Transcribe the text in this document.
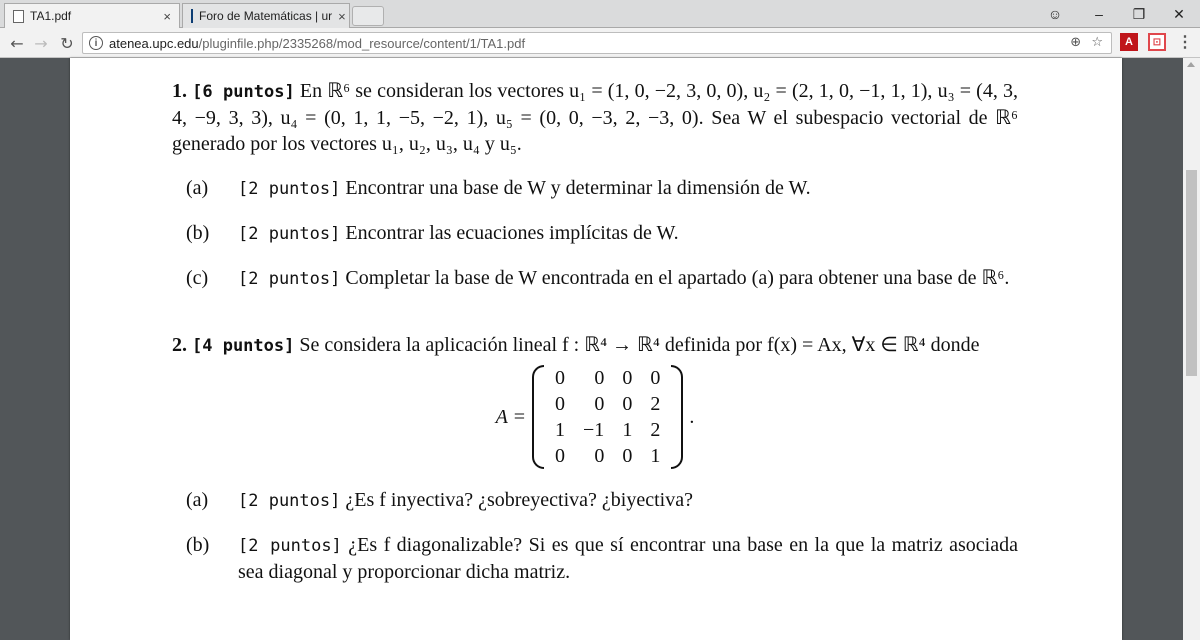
TA1.pdf	× Foro de Matemáticas | ur ×	☺	–	❐	✕
← → ↻	i atenea.upc.edu /pluginfile.php/2335268/mod_resource/content/1/TA1.pdf	⊕ ☆	A	⊡ ⋮
1. [6 puntos] En ℝ⁶ se consideran los vectores u₁ = (1, 0, −2, 3, 0, 0), u₂ = (2, 1, 0, −1, 1, 1), u₃ = (4, 3, 4, −9, 3, 3), u₄ = (0, 1, 1, −5, −2, 1), u₅ = (0, 0, −3, 2, −3, 0). Sea W el subespacio vectorial de ℝ⁶ generado por los vectores u₁, u₂, u₃, u₄ y u₅.
(a)	[2 puntos] Encontrar una base de W y determinar la dimensión de W.
(b)	[2 puntos] Encontrar las ecuaciones implícitas de W.
(c)	[2 puntos] Completar la base de W encontrada en el apartado (a) para obtener una base de ℝ⁶.
2. [4 puntos] Se considera la aplicación lineal f : ℝ⁴ → ℝ⁴ definida por f(x) = Ax, ∀x ∈ ℝ⁴ donde
A =
0	0	0	0
0	0	0	2
1	−1	1	2
0	0	0	1
.
(a)	[2 puntos] ¿Es f inyectiva? ¿sobreyectiva? ¿biyectiva?
(b)	[2 puntos] ¿Es f diagonalizable? Si es que sí encontrar una base en la que la matriz asociada sea diagonal y proporcionar dicha matriz.
